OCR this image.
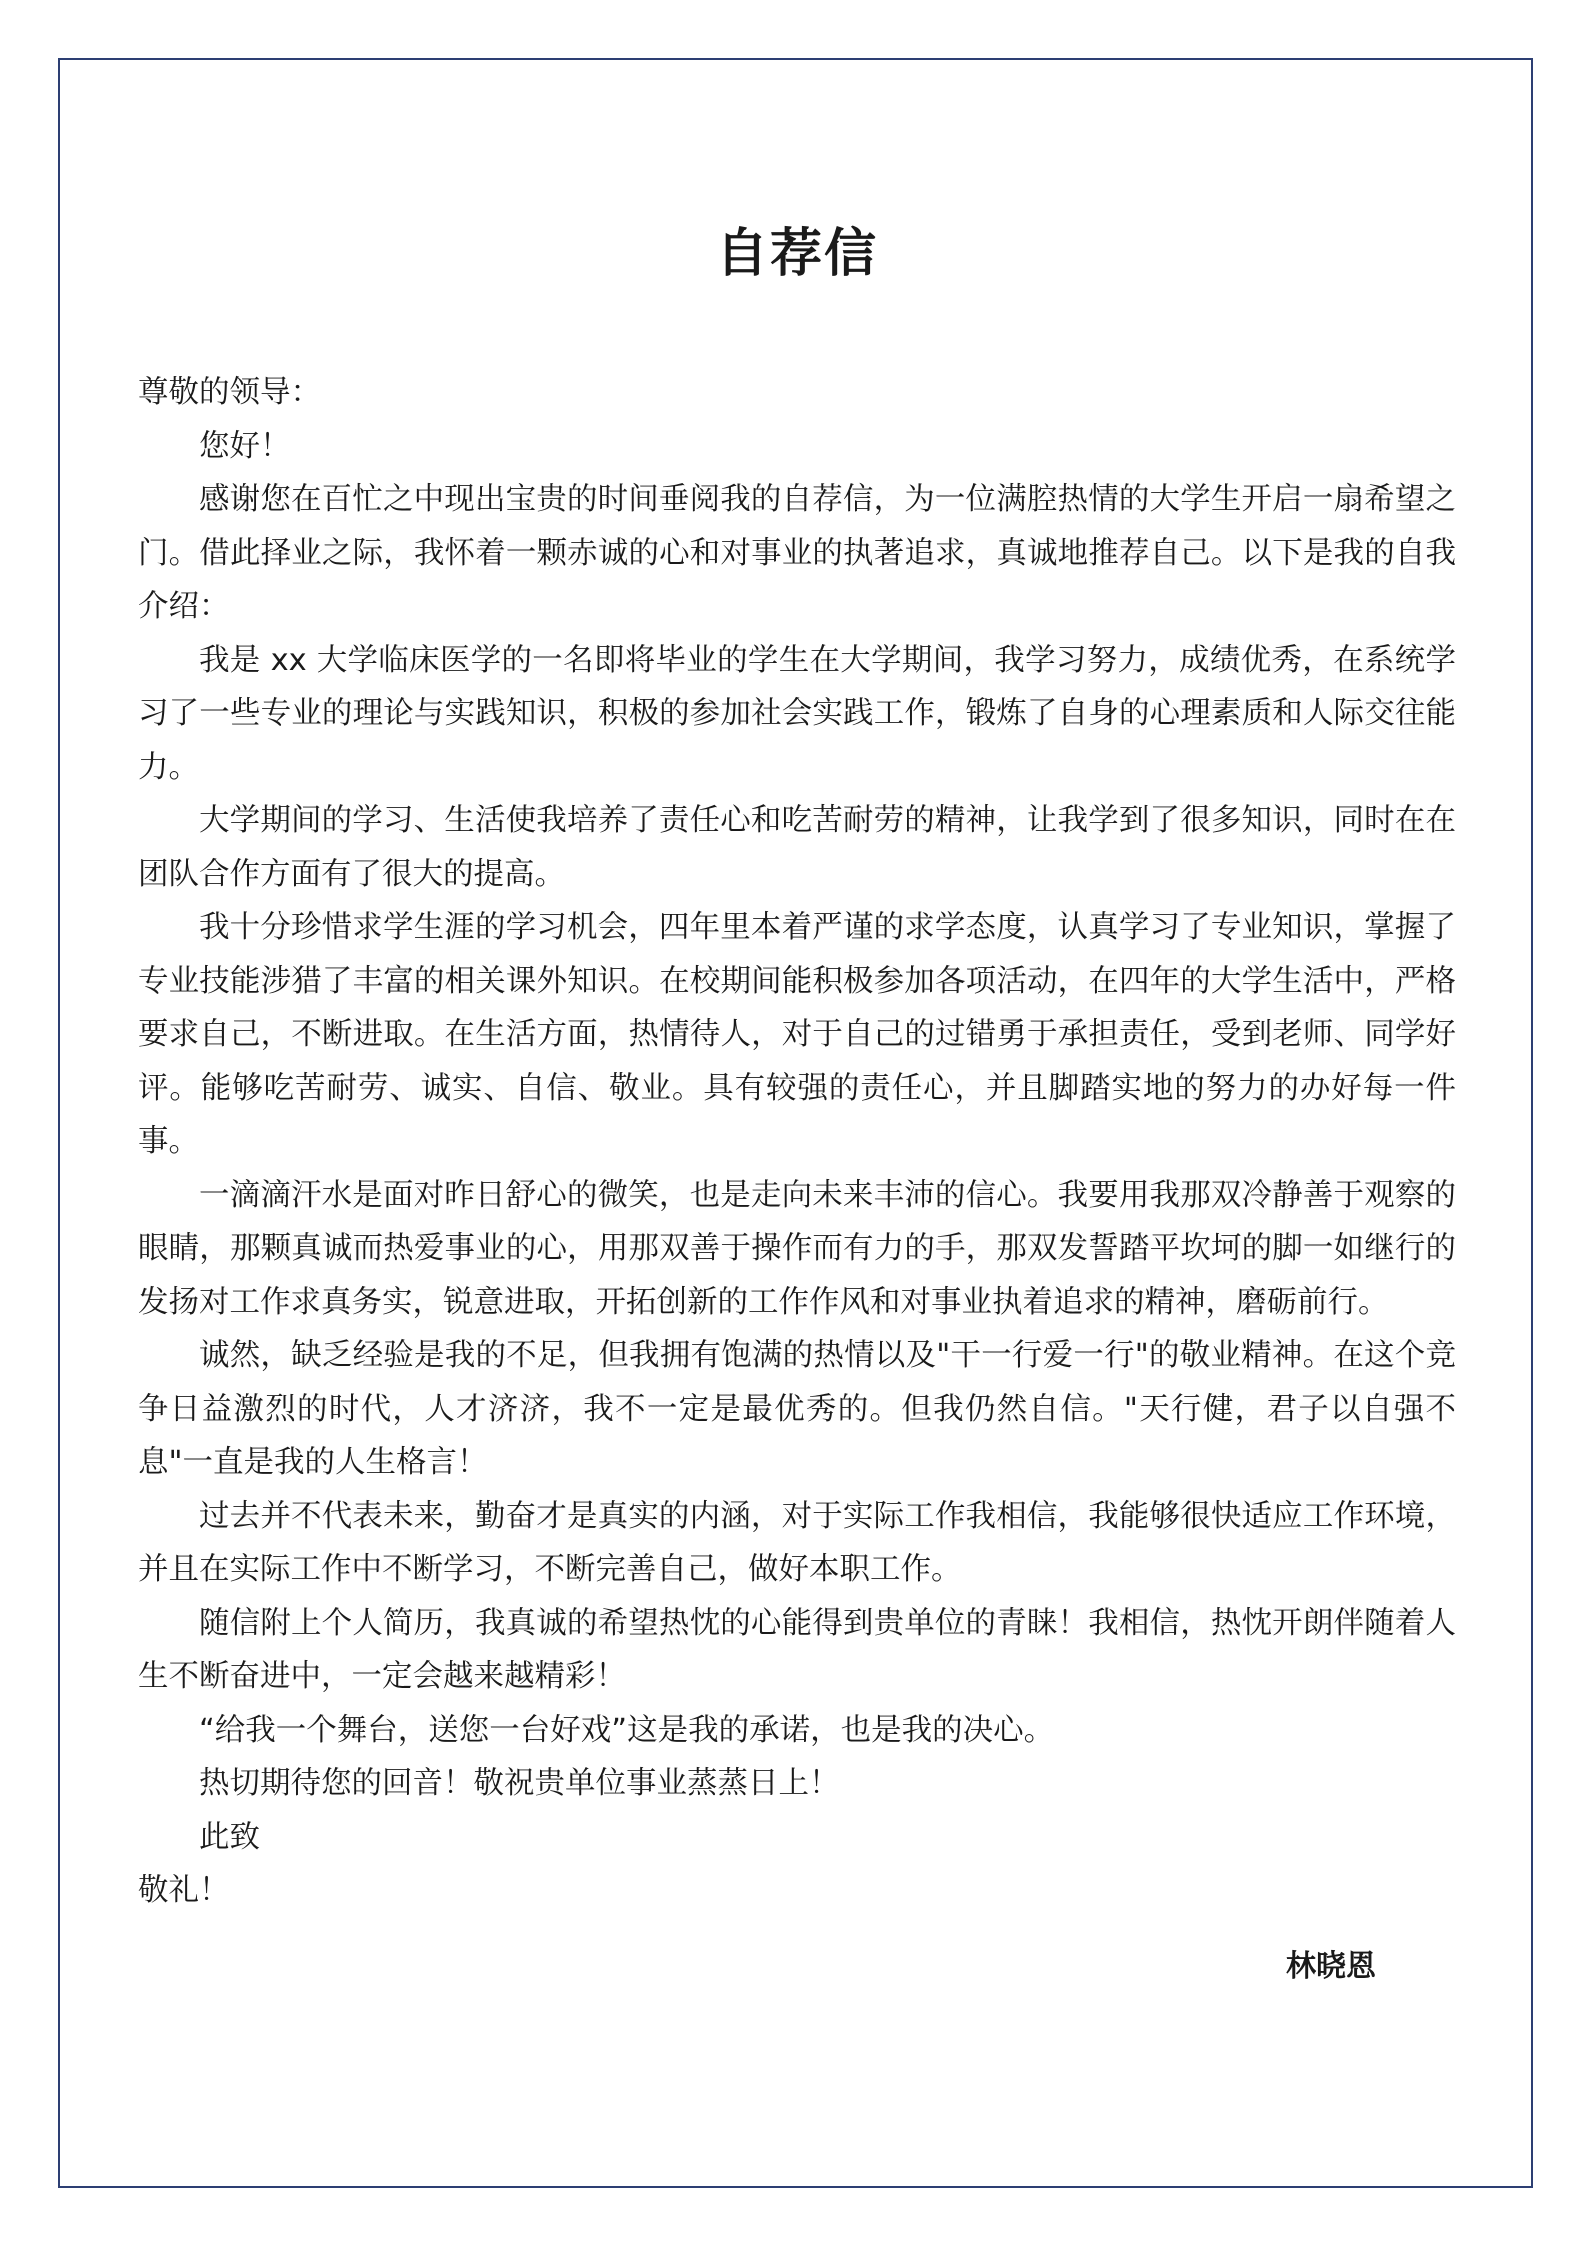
自荐信

尊敬的领导：

您好！

感谢您在百忙之中现出宝贵的时间垂阅我的自荐信，为一位满腔热情的大学生开启一扇希望之门。借此择业之际，我怀着一颗赤诚的心和对事业的执著追求，真诚地推荐自己。以下是我的自我介绍：

我是 xx 大学临床医学的一名即将毕业的学生在大学期间，我学习努力，成绩优秀，在系统学习了一些专业的理论与实践知识，积极的参加社会实践工作，锻炼了自身的心理素质和人际交往能力。

大学期间的学习、生活使我培养了责任心和吃苦耐劳的精神，让我学到了很多知识，同时在在团队合作方面有了很大的提高。

我十分珍惜求学生涯的学习机会，四年里本着严谨的求学态度，认真学习了专业知识，掌握了专业技能涉猎了丰富的相关课外知识。在校期间能积极参加各项活动，在四年的大学生活中，严格要求自己，不断进取。在生活方面，热情待人，对于自己的过错勇于承担责任，受到老师、同学好评。能够吃苦耐劳、诚实、自信、敬业。具有较强的责任心，并且脚踏实地的努力的办好每一件事。

一滴滴汗水是面对昨日舒心的微笑，也是走向未来丰沛的信心。我要用我那双冷静善于观察的眼睛，那颗真诚而热爱事业的心，用那双善于操作而有力的手，那双发誓踏平坎坷的脚一如继行的发扬对工作求真务实，锐意进取，开拓创新的工作作风和对事业执着追求的精神，磨砺前行。

诚然，缺乏经验是我的不足，但我拥有饱满的热情以及"干一行爱一行"的敬业精神。在这个竞争日益激烈的时代，人才济济，我不一定是最优秀的。但我仍然自信。"天行健，君子以自强不息"一直是我的人生格言！

过去并不代表未来，勤奋才是真实的内涵，对于实际工作我相信，我能够很快适应工作环境，并且在实际工作中不断学习，不断完善自己，做好本职工作。

随信附上个人简历，我真诚的希望热忱的心能得到贵单位的青睐！我相信，热忱开朗伴随着人生不断奋进中，一定会越来越精彩！

“给我一个舞台，送您一台好戏”这是我的承诺，也是我的决心。

热切期待您的回音！敬祝贵单位事业蒸蒸日上！

此致

敬礼！

林晓恩
